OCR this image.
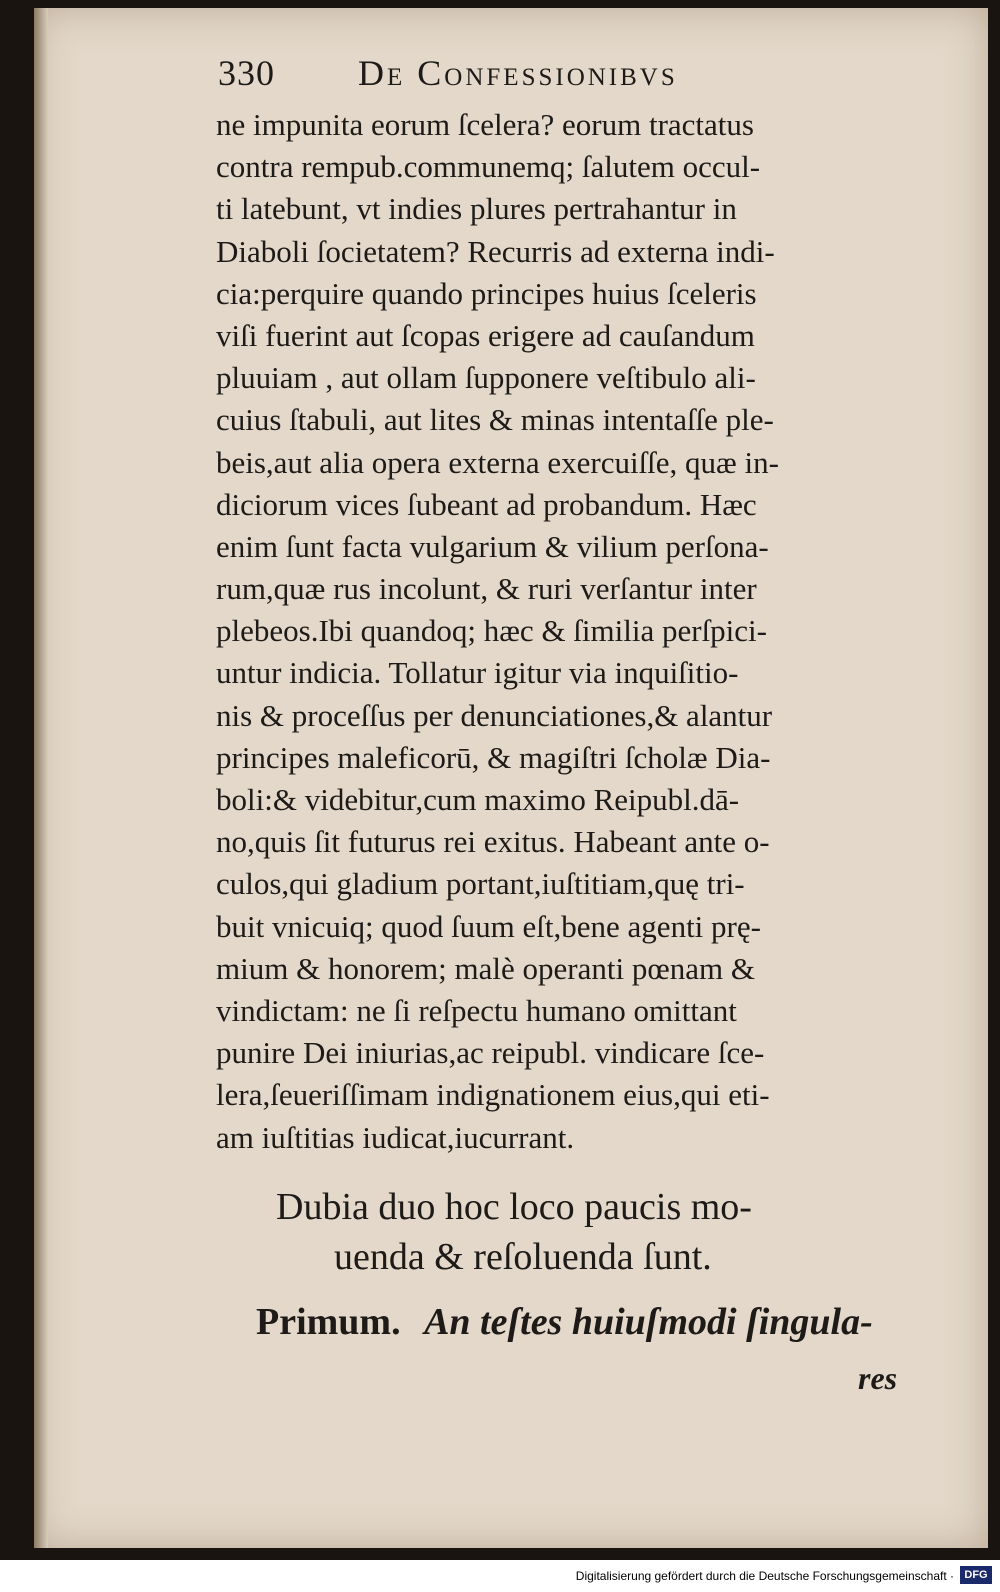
330 De Confessionibvs
ne impunita eorum ſcelera? eorum tractatus
contra rempub.communemq; ſalutem occul-
ti latebunt, vt indies plures pertrahantur in
Diaboli ſocietatem? Recurris ad externa indi-
cia:perquire quando principes huius ſceleris
viſi fuerint aut ſcopas erigere ad cauſandum
pluuiam , aut ollam ſupponere veſtibulo ali-
cuius ſtabuli, aut lites & minas intentaſſe ple-
beis,aut alia opera externa exercuiſſe, quæ in-
diciorum vices ſubeant ad probandum. Hæc
enim ſunt facta vulgarium & vilium perſona-
rum,quæ rus incolunt, & ruri verſantur inter
plebeos.Ibi quandoq; hæc & ſimilia perſpici-
untur indicia. Tollatur igitur via inquiſitio-
nis & proceſſus per denunciationes,& alantur
principes maleficorū, & magiſtri ſcholæ Dia-
boli:& videbitur,cum maximo Reipubl.dā-
no,quis ſit futurus rei exitus. Habeant ante o-
culos,qui gladium portant,iuſtitiam,quę tri-
buit vnicuiq; quod ſuum eſt,bene agenti prę-
mium & honorem; malè operanti pœnam &
vindictam: ne ſi reſpectu humano omittant
punire Dei iniurias,ac reipubl. vindicare ſce-
lera,ſeueriſſimam indignationem eius,qui eti-
am iuſtitias iudicat,iucurrant.
Dubia duo hoc loco paucis mo-
uenda & reſoluenda ſunt.
Primum. An teſtes huiuſmodi ſingula-
res
Digitalisierung gefördert durch die Deutsche Forschungsgemeinschaft · DFG
